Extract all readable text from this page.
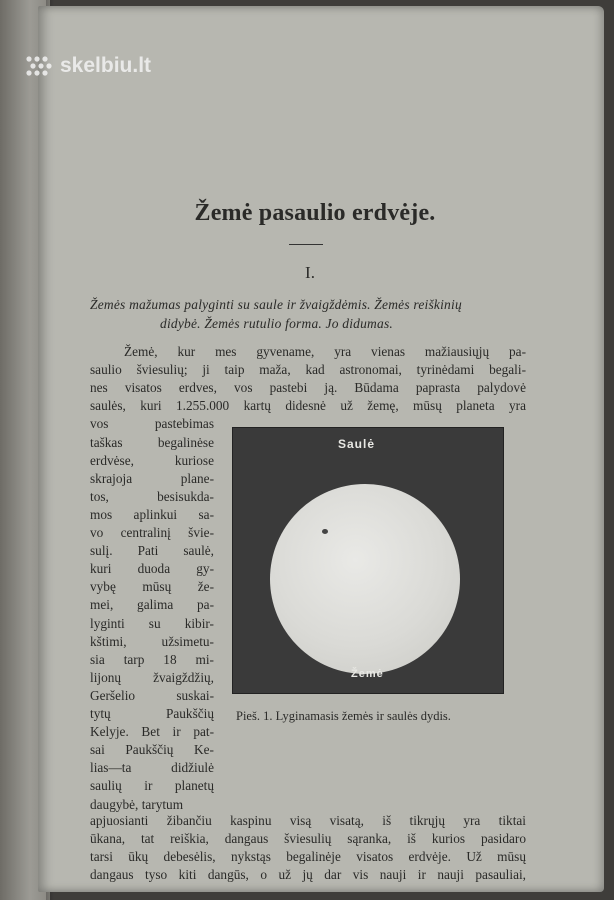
skelbiu.lt
Žemė pasaulio erdvėje.
I.
Žemės mažumas palyginti su saule ir žvaigždėmis. Žemės reiškinių
didybė. Žemės rutulio forma. Jo didumas.
Žemė, kur mes gyvename, yra vienas mažiausiųjų pa-
saulio šviesulių; ji taip maža, kad astronomai, tyrinėdami begali-
nes visatos erdves, vos pastebi ją. Būdama paprasta palydovė
saulės, kuri 1.255.000 kartų didesnė už žemę, mūsų planeta yra
vos pastebimas
taškas begalinėse
erdvėse, kuriose
skrajoja plane-
tos, besisukda-
mos aplinkui sa-
vo centralinį švie-
sulį. Pati saulė,
kuri duoda gy-
vybę mūsų že-
mei, galima pa-
lyginti su kibir-
kštimi, užsimetu-
sia tarp 18 mi-
lijonų žvaigždžių,
Geršelio suskai-
tytų Paukščių
Kelyje. Bet ir pat-
sai Paukščių Ke-
lias—ta didžiulė
saulių ir planetų
daugybė, tarytum
apjuosianti žibančiu kaspinu visą visatą, iš tikrųjų yra tiktai
ūkana, tat reiškia, dangaus šviesulių sąranka, iš kurios pasidaro
tarsi ūkų debesėlis, nykstąs begalinėje visatos erdvėje. Už mūsų
dangaus tyso kiti dangūs, o už jų dar vis nauji ir nauji pasauliai,
Saulė
Žemė
Pieš. 1. Lyginamasis žemės ir saulės dydis.
